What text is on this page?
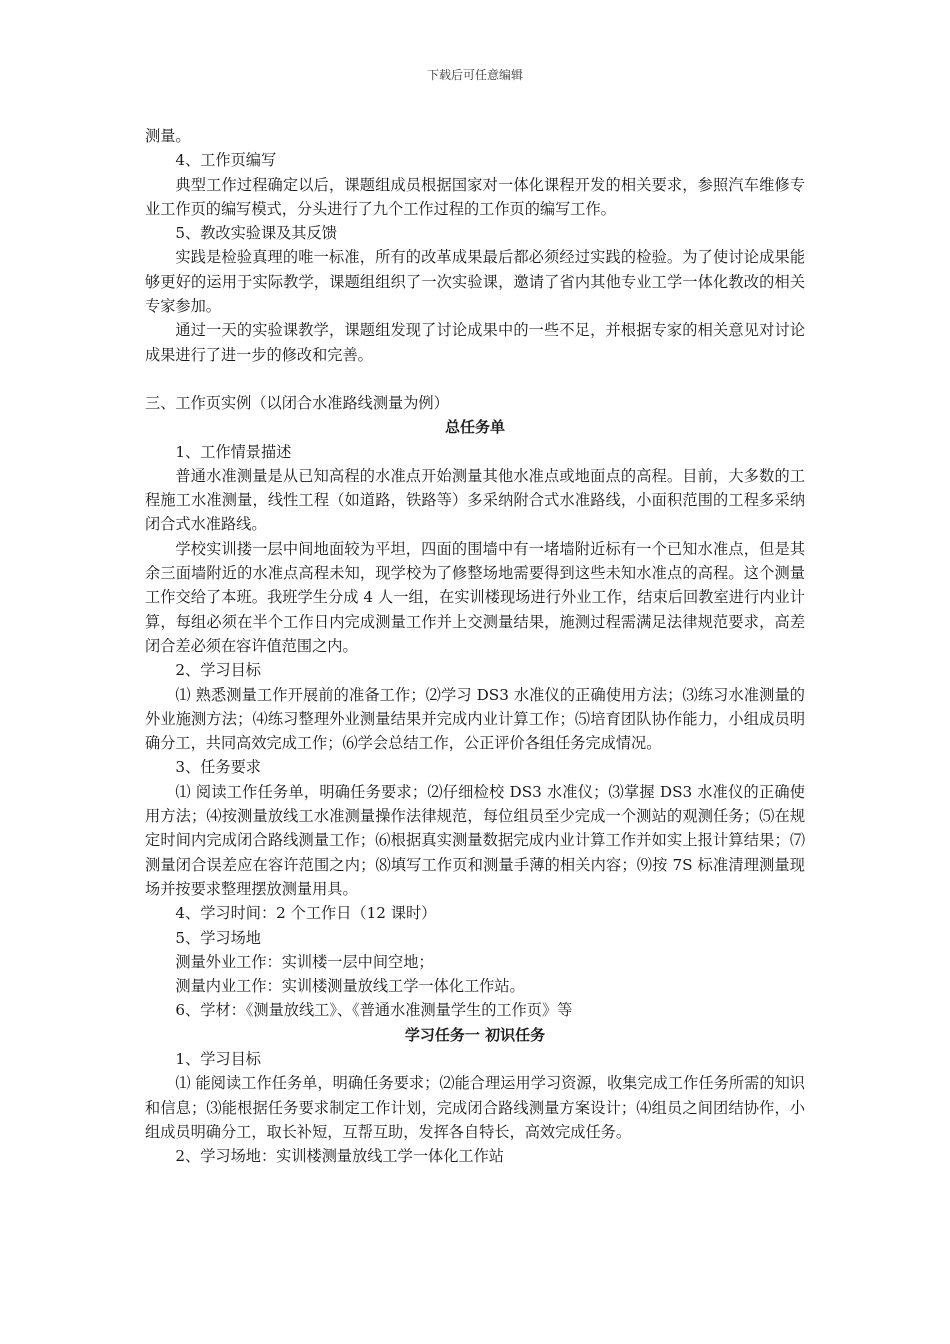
下载后可任意编辑

测量。

4、工作页编写

典型工作过程确定以后，课题组成员根据国家对一体化课程开发的相关要求，参照汽车维修专业工作页的编写模式，分头进行了九个工作过程的工作页的编写工作。

5、教改实验课及其反馈

实践是检验真理的唯一标准，所有的改革成果最后都必须经过实践的检验。为了使讨论成果能够更好的运用于实际教学，课题组组织了一次实验课，邀请了省内其他专业工学一体化教改的相关专家参加。

通过一天的实验课教学，课题组发现了讨论成果中的一些不足，并根据专家的相关意见对讨论成果进行了进一步的修改和完善。

三、工作页实例（以闭合水准路线测量为例）

总任务单

1、工作情景描述

普通水准测量是从已知高程的水准点开始测量其他水准点或地面点的高程。目前，大多数的工程施工水准测量，线性工程（如道路，铁路等）多采纳附合式水准路线，小面积范围的工程多采纳闭合式水准路线。

学校实训搂一层中间地面较为平坦，四面的围墙中有一堵墙附近标有一个已知水准点，但是其余三面墙附近的水准点高程未知，现学校为了修整场地需要得到这些未知水准点的高程。这个测量工作交给了本班。我班学生分成 4 人一组，在实训楼现场进行外业工作，结束后回教室进行内业计算，每组必须在半个工作日内完成测量工作并上交测量结果，施测过程需满足法律规范要求，高差闭合差必须在容许值范围之内。

2、学习目标

⑴ 熟悉测量工作开展前的准备工作；⑵学习 DS3 水准仪的正确使用方法；⑶练习水准测量的外业施测方法；⑷练习整理外业测量结果并完成内业计算工作；⑸培育团队协作能力，小组成员明确分工，共同高效完成工作；⑹学会总结工作，公正评价各组任务完成情况。

3、任务要求

⑴ 阅读工作任务单，明确任务要求；⑵仔细检校 DS3 水准仪；⑶掌握 DS3 水准仪的正确使用方法；⑷按测量放线工水准测量操作法律规范，每位组员至少完成一个测站的观测任务；⑸在规定时间内完成闭合路线测量工作；⑹根据真实测量数据完成内业计算工作并如实上报计算结果；⑺测量闭合误差应在容许范围之内；⑻填写工作页和测量手薄的相关内容；⑼按 7S 标准清理测量现场并按要求整理摆放测量用具。

4、学习时间：2 个工作日（12 课时）

5、学习场地

测量外业工作：实训楼一层中间空地；

测量内业工作：实训楼测量放线工学一体化工作站。

6、学材：《测量放线工》、《普通水准测量学生的工作页》等

学习任务一 初识任务

1、学习目标

⑴ 能阅读工作任务单，明确任务要求；⑵能合理运用学习资源，收集完成工作任务所需的知识和信息；⑶能根据任务要求制定工作计划，完成闭合路线测量方案设计；⑷组员之间团结协作，小组成员明确分工，取长补短，互帮互助，发挥各自特长，高效完成任务。

2、学习场地：实训楼测量放线工学一体化工作站
